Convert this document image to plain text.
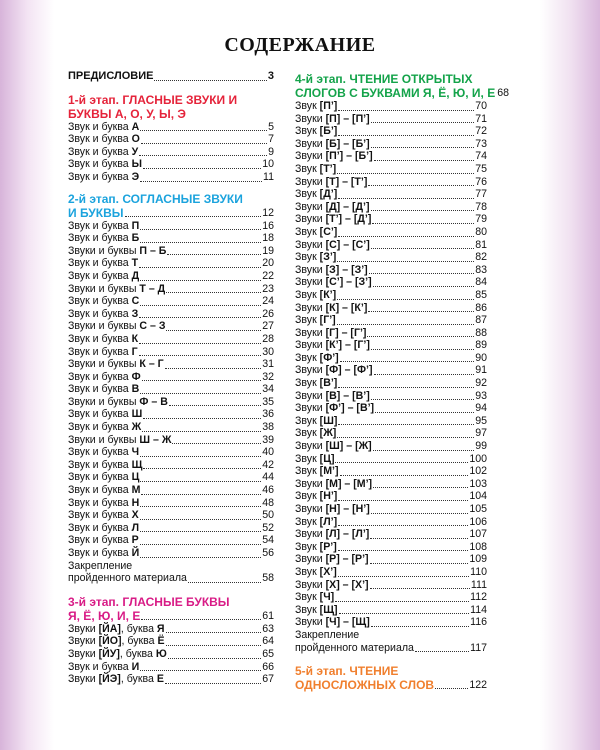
СОДЕРЖАНИЕ
ПРЕДИСЛОВИЕ	3
1-й этап. ГЛАСНЫЕ ЗВУКИ И
БУКВЫ А, О, У, Ы, Э
Звук и буква А	5
Звук и буква О	7
Звук и буква У	9
Звук и буква Ы	10
Звук и буква Э	11
2-й этап. СОГЛАСНЫЕ ЗВУКИ
И БУКВЫ	12
Звук и буква П	16
Звук и буква Б	18
Звуки и буквы П – Б	19
Звук и буква Т	20
Звук и буква Д	22
Звуки и буквы Т – Д	23
Звук и буква С	24
Звук и буква З	26
Звуки и буквы С – З	27
Звук и буква К	28
Звук и буква Г	30
Звуки и буквы К – Г	31
Звук и буква Ф	32
Звук и буква В	34
Звуки и буквы Ф – В	35
Звук и буква Ш	36
Звук и буква Ж	38
Звуки и буквы Ш – Ж	39
Звук и буква Ч	40
Звук и буква Щ	42
Звук и буква Ц	44
Звук и буква М	46
Звук и буква Н	48
Звук и буква Х	50
Звук и буква Л	52
Звук и буква Р	54
Звук и буква Й	56
Закрепление
пройденного материала	58
3-й этап. ГЛАСНЫЕ БУКВЫ
Я, Ё, Ю, И, Е	61
Звуки [ЙА], буква Я	63
Звуки [ЙО], буква Ё	64
Звуки [ЙУ], буква Ю	65
Звук и буква И	66
Звуки [ЙЭ], буква Е	67
4-й этап. ЧТЕНИЕ ОТКРЫТЫХ
СЛОГОВ С БУКВАМИ Я, Ё, Ю, И, Е 68
Звук [П’]	70
Звуки [П] – [П’]	71
Звук [Б’]	72
Звуки [Б] – [Б’]	73
Звуки [П’] – [Б’]	74
Звук [Т’]	75
Звуки [Т] – [Т’]	76
Звук [Д’]	77
Звуки [Д] – [Д’]	78
Звуки [Т’] – [Д’]	79
Звук [С’]	80
Звуки [С] – [С’]	81
Звук [З’]	82
Звуки [З] – [З’]	83
Звуки [С’] – [З’]	84
Звук [К’]	85
Звуки [К] – [К’]	86
Звук [Г’]	87
Звуки [Г] – [Г’]	88
Звуки [К’] – [Г’]	89
Звук [Ф’]	90
Звуки [Ф] – [Ф’]	91
Звук [В’]	92
Звуки [В] – [В’]	93
Звуки [Ф’] – [В’]	94
Звук [Ш]	95
Звук [Ж]	97
Звуки [Ш] – [Ж]	99
Звук [Ц]	100
Звук [М’]	102
Звуки [М] – [М’]	103
Звук [Н’]	104
Звуки [Н] – [Н’]	105
Звук [Л’]	106
Звуки [Л] – [Л’]	107
Звук [Р’]	108
Звуки [Р] – [Р’]	109
Звук [Х’]	110
Звуки [Х] – [Х’]	111
Звук [Ч]	112
Звук [Щ]	114
Звуки [Ч] – [Щ]	116
Закрепление
пройденного материала	117
5-й этап. ЧТЕНИЕ
ОДНОСЛОЖНЫХ СЛОВ	122
